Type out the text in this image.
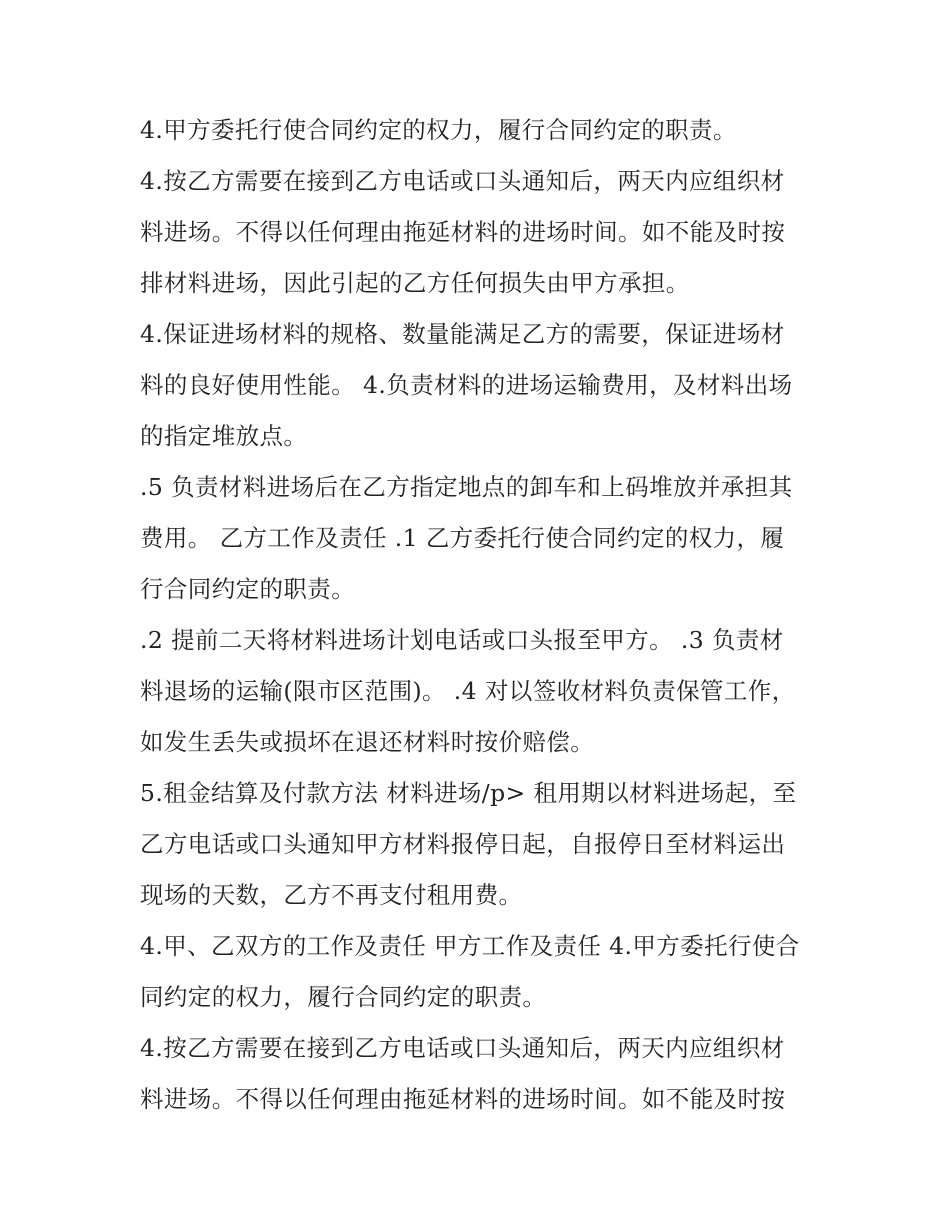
4.甲方委托行使合同约定的权力，履行合同约定的职责。

4.按乙方需要在接到乙方电话或口头通知后，两天内应组织材

料进场。不得以任何理由拖延材料的进场时间。如不能及时按

排材料进场，因此引起的乙方任何损失由甲方承担。

4.保证进场材料的规格、数量能满足乙方的需要，保证进场材

料的良好使用性能。 4.负责材料的进场运输费用，及材料出场

的指定堆放点。

.5 负责材料进场后在乙方指定地点的卸车和上码堆放并承担其

费用。 乙方工作及责任 .1 乙方委托行使合同约定的权力，履

行合同约定的职责。

.2 提前二天将材料进场计划电话或口头报至甲方。 .3 负责材

料退场的运输(限市区范围)。 .4 对以签收材料负责保管工作，

如发生丢失或损坏在退还材料时按价赔偿。

5.租金结算及付款方法 材料进场/p> 租用期以材料进场起，至

乙方电话或口头通知甲方材料报停日起，自报停日至材料运出

现场的天数，乙方不再支付租用费。

4.甲、乙双方的工作及责任 甲方工作及责任 4.甲方委托行使合

同约定的权力，履行合同约定的职责。

4.按乙方需要在接到乙方电话或口头通知后，两天内应组织材

料进场。不得以任何理由拖延材料的进场时间。如不能及时按
